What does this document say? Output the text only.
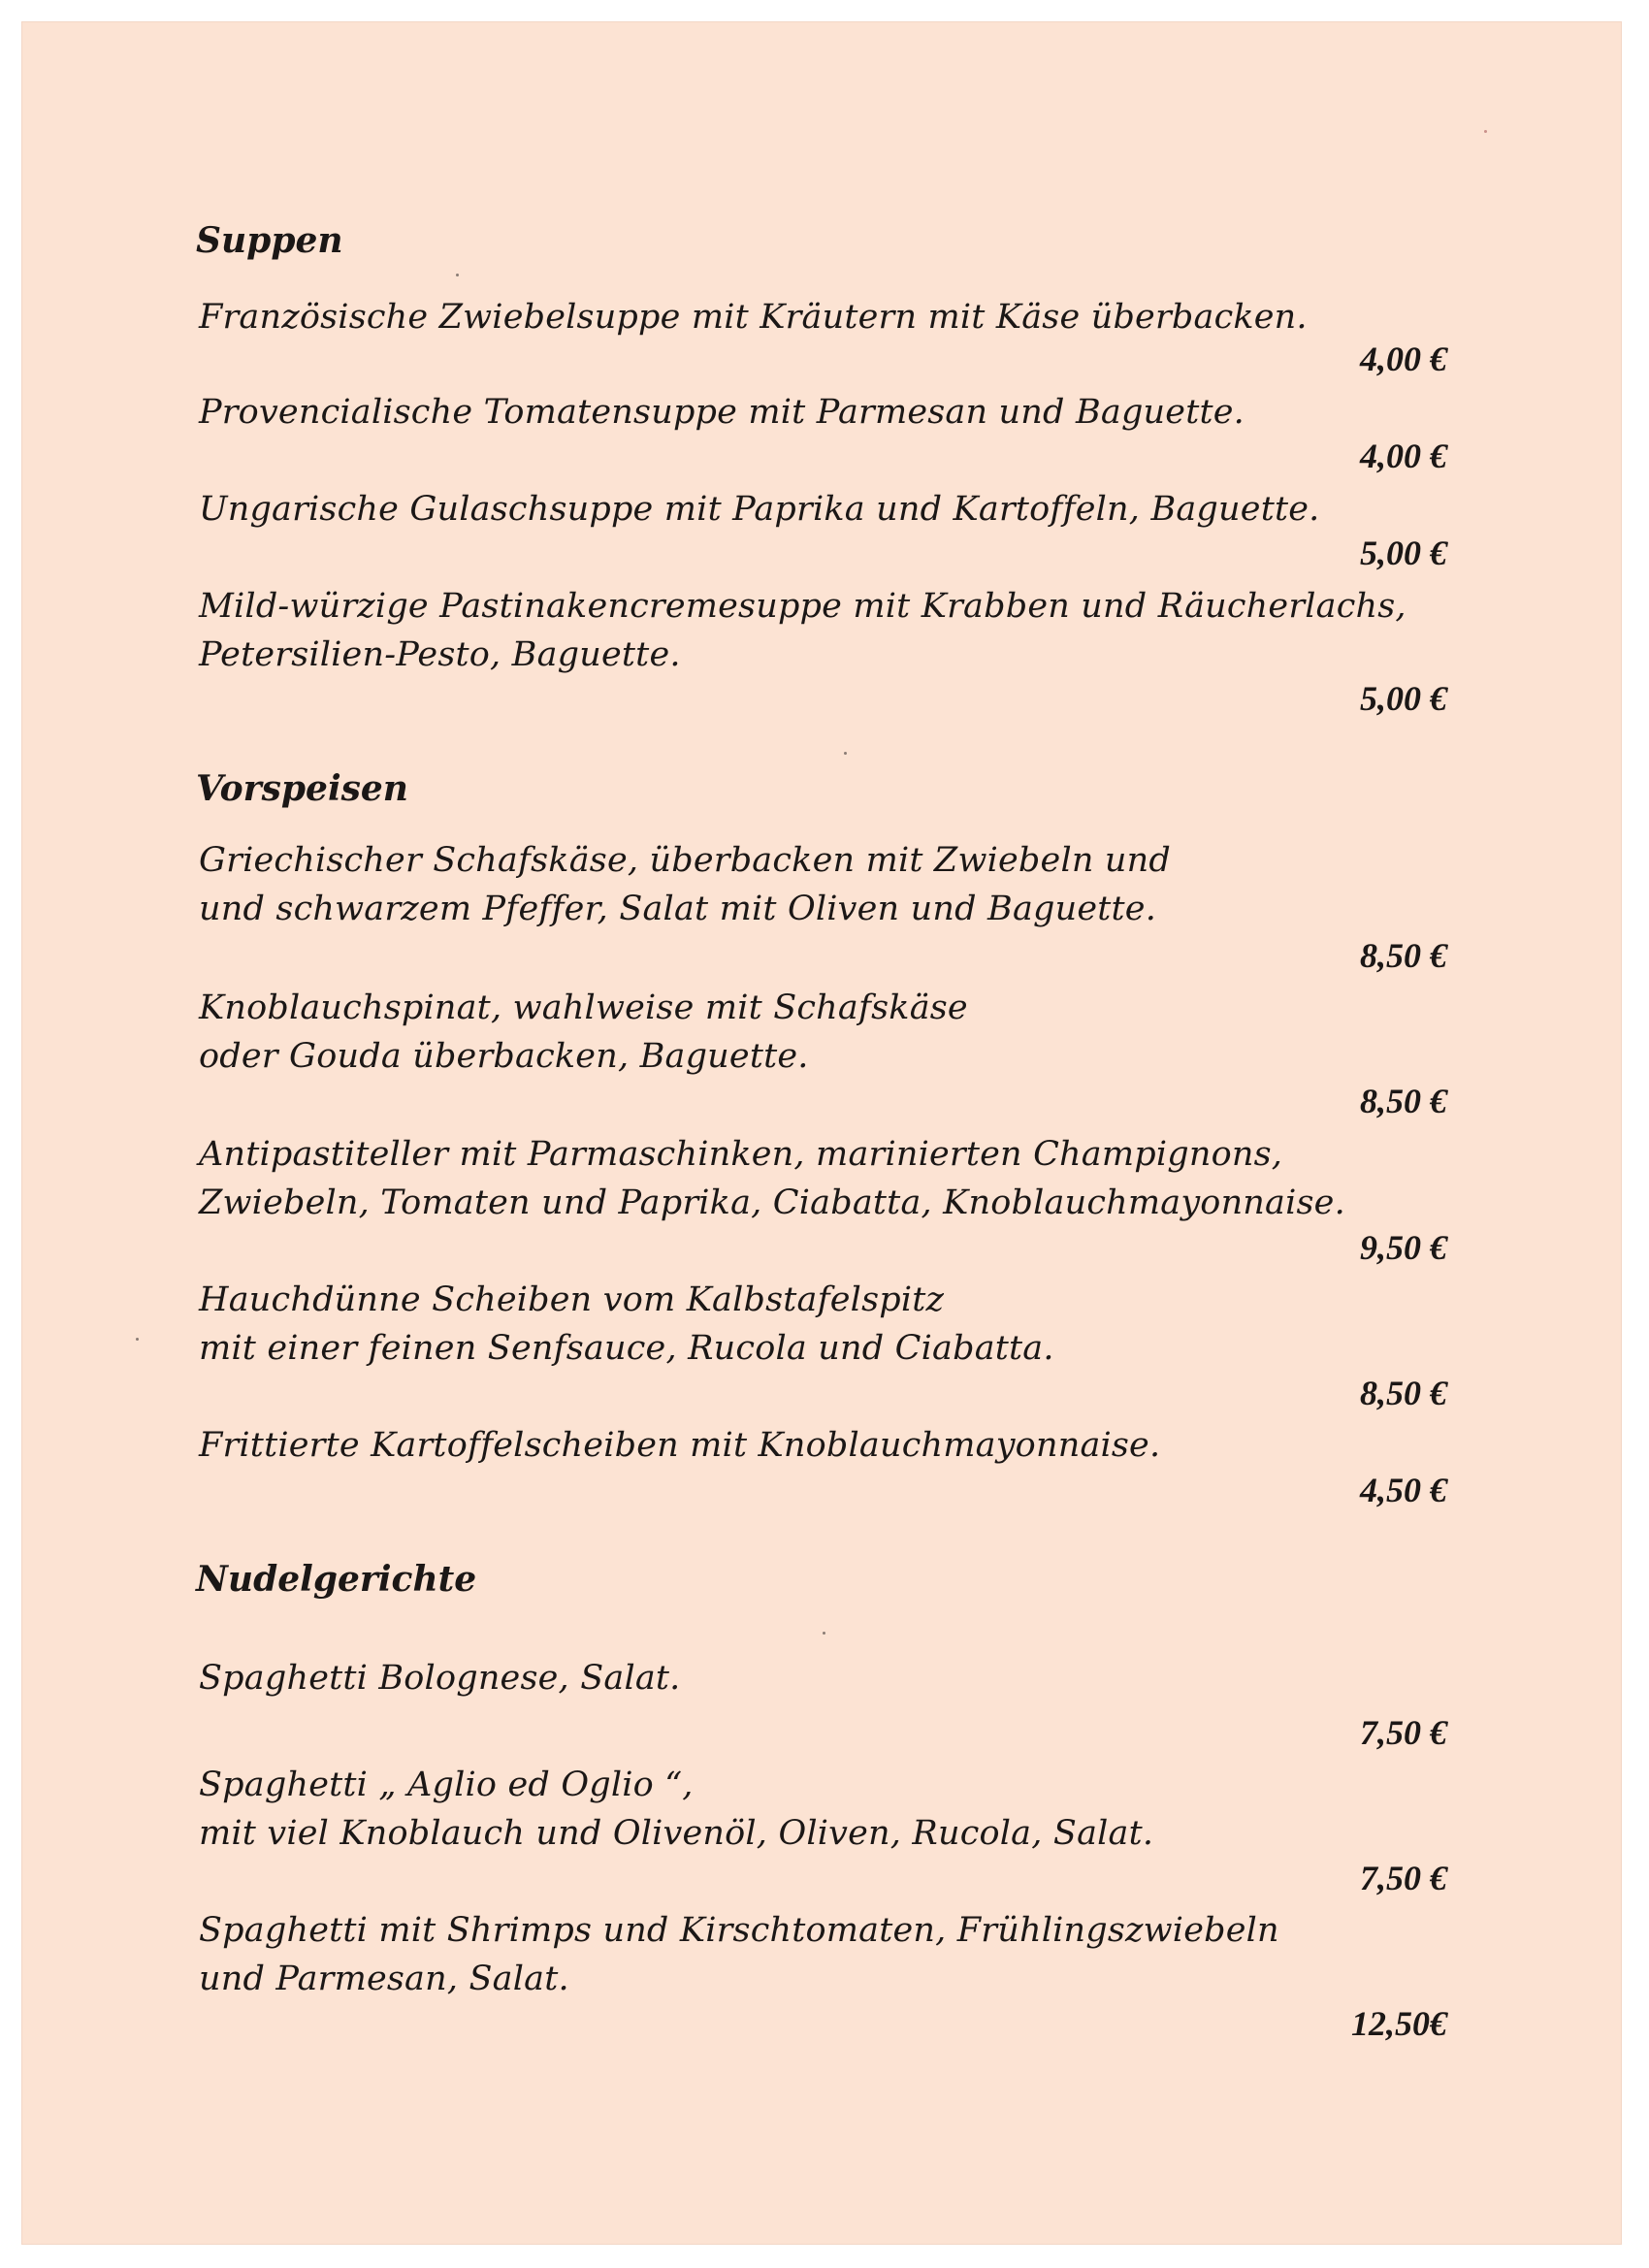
Suppen
Französische Zwiebelsuppe mit Kräutern mit Käse überbacken.
4,00 €
Provencialische Tomatensuppe mit Parmesan und Baguette.
4,00 €
Ungarische Gulaschsuppe mit Paprika und Kartoffeln, Baguette.
5,00 €
Mild-würzige Pastinakencremesuppe mit Krabben und Räucherlachs,
Petersilien-Pesto, Baguette.
5,00 €
Vorspeisen
Griechischer Schafskäse, überbacken mit Zwiebeln und
und schwarzem Pfeffer, Salat mit Oliven und Baguette.
8,50 €
Knoblauchspinat, wahlweise mit Schafskäse
oder Gouda überbacken, Baguette.
8,50 €
Antipastiteller mit Parmaschinken, marinierten Champignons,
Zwiebeln, Tomaten und Paprika, Ciabatta, Knoblauchmayonnaise.
9,50 €
Hauchdünne Scheiben vom Kalbstafelspitz
mit einer feinen Senfsauce, Rucola und Ciabatta.
8,50 €
Frittierte Kartoffelscheiben mit Knoblauchmayonnaise.
4,50 €
Nudelgerichte
Spaghetti Bolognese, Salat.
7,50 €
Spaghetti „ Aglio ed Oglio “,
mit viel Knoblauch und Olivenöl, Oliven, Rucola, Salat.
7,50 €
Spaghetti mit Shrimps und Kirschtomaten, Frühlingszwiebeln
und Parmesan, Salat.
12,50€
